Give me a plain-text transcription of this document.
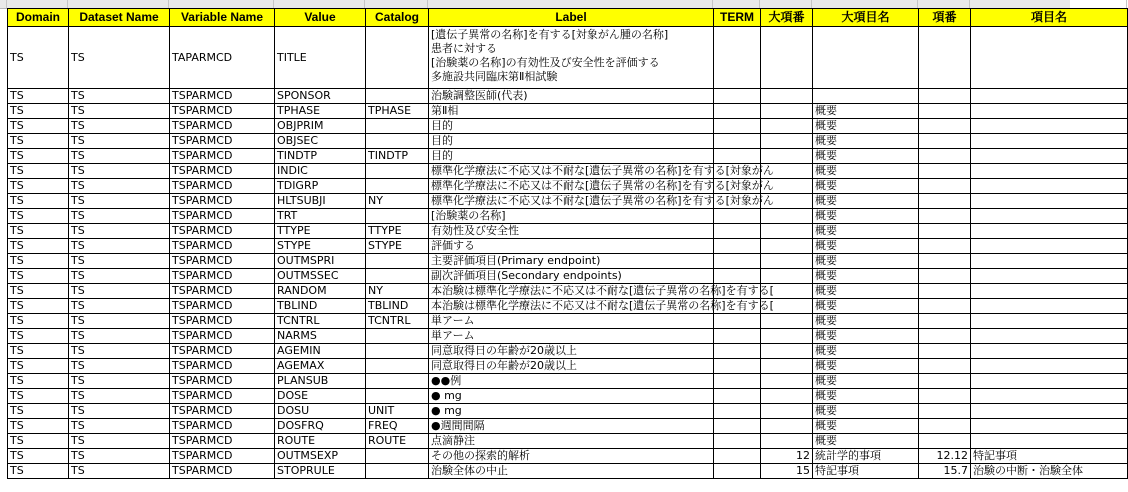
Domain	Dataset Name	Variable Name	Value	Catalog	Label	TERM	大項番	大項目名	項番	項目名
TS	TS	TAPARMCD	TITLE		[遺伝子異常の名称]を有する[対象がん腫の名称]
患者に対する
[治験薬の名称]の有効性及び安全性を評価する
多施設共同臨床第Ⅱ相試験					

TS	TS	TSPARMCD	SPONSOR		治験調整医師(代表)					

TS	TS	TSPARMCD	TPHASE	TPHASE	第Ⅱ相			概要		
TS	TS	TSPARMCD	OBJPRIM		目的			概要		
TS	TS	TSPARMCD	OBJSEC		目的			概要		
TS	TS	TSPARMCD	TINDTP	TINDTP	目的			概要		
TS	TS	TSPARMCD	INDIC		標準化学療法に不応又は不耐な[遺伝子異常の名称]を有する[対象がん			概要		
TS	TS	TSPARMCD	TDIGRP		標準化学療法に不応又は不耐な[遺伝子異常の名称]を有する[対象がん			概要		
TS	TS	TSPARMCD	HLTSUBJI	NY	標準化学療法に不応又は不耐な[遺伝子異常の名称]を有する[対象がん			概要		
TS	TS	TSPARMCD	TRT		[治験薬の名称]			概要		
TS	TS	TSPARMCD	TTYPE	TTYPE	有効性及び安全性			概要		
TS	TS	TSPARMCD	STYPE	STYPE	評価する			概要		
TS	TS	TSPARMCD	OUTMSPRI		主要評価項目(Primary endpoint)			概要		
TS	TS	TSPARMCD	OUTMSSEC		副次評価項目(Secondary endpoints)			概要		
TS	TS	TSPARMCD	RANDOM	NY	本治験は標準化学療法に不応又は不耐な[遺伝子異常の名称]を有する[			概要		
TS	TS	TSPARMCD	TBLIND	TBLIND	本治験は標準化学療法に不応又は不耐な[遺伝子異常の名称]を有する[			概要		
TS	TS	TSPARMCD	TCNTRL	TCNTRL	単アーム			概要		
TS	TS	TSPARMCD	NARMS		単アーム			概要		
TS	TS	TSPARMCD	AGEMIN		同意取得日の年齢が20歳以上			概要		
TS	TS	TSPARMCD	AGEMAX		同意取得日の年齢が20歳以上			概要		
TS	TS	TSPARMCD	PLANSUB		●●例			概要		
TS	TS	TSPARMCD	DOSE		● mg			概要		
TS	TS	TSPARMCD	DOSU	UNIT	● mg			概要		
TS	TS	TSPARMCD	DOSFRQ	FREQ	●週間間隔			概要		
TS	TS	TSPARMCD	ROUTE	ROUTE	点滴静注			概要		
TS	TS	TSPARMCD	OUTMSEXP		その他の探索的解析		12	統計学的事項	12.12	特記事項
TS	TS	TSPARMCD	STOPRULE		治験全体の中止		15	特記事項	15.7	治験の中断・治験全体
